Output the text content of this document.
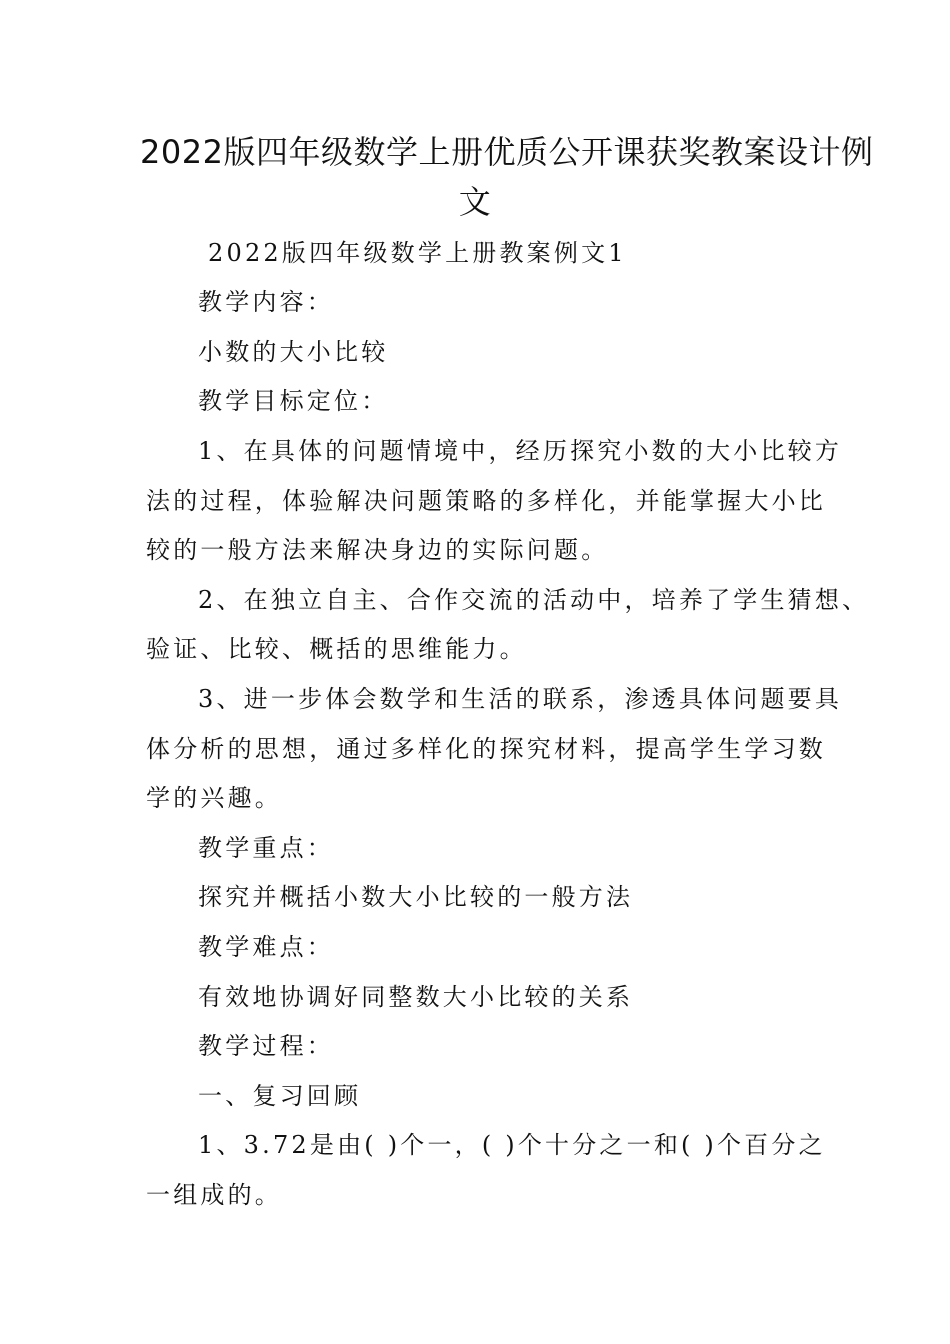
2022版四年级数学上册优质公开课获奖教案设计例
文
2022版四年级数学上册教案例文1
教学内容：
小数的大小比较
教学目标定位：
1、在具体的问题情境中，经历探究小数的大小比较方
法的过程，体验解决问题策略的多样化，并能掌握大小比
较的一般方法来解决身边的实际问题。
2、在独立自主、合作交流的活动中，培养了学生猜想、
验证、比较、概括的思维能力。
3、进一步体会数学和生活的联系，渗透具体问题要具
体分析的思想，通过多样化的探究材料，提高学生学习数
学的兴趣。
教学重点：
探究并概括小数大小比较的一般方法
教学难点：
有效地协调好同整数大小比较的关系
教学过程：
一、复习回顾
1、3.72是由( )个一，( )个十分之一和( )个百分之
一组成的。
